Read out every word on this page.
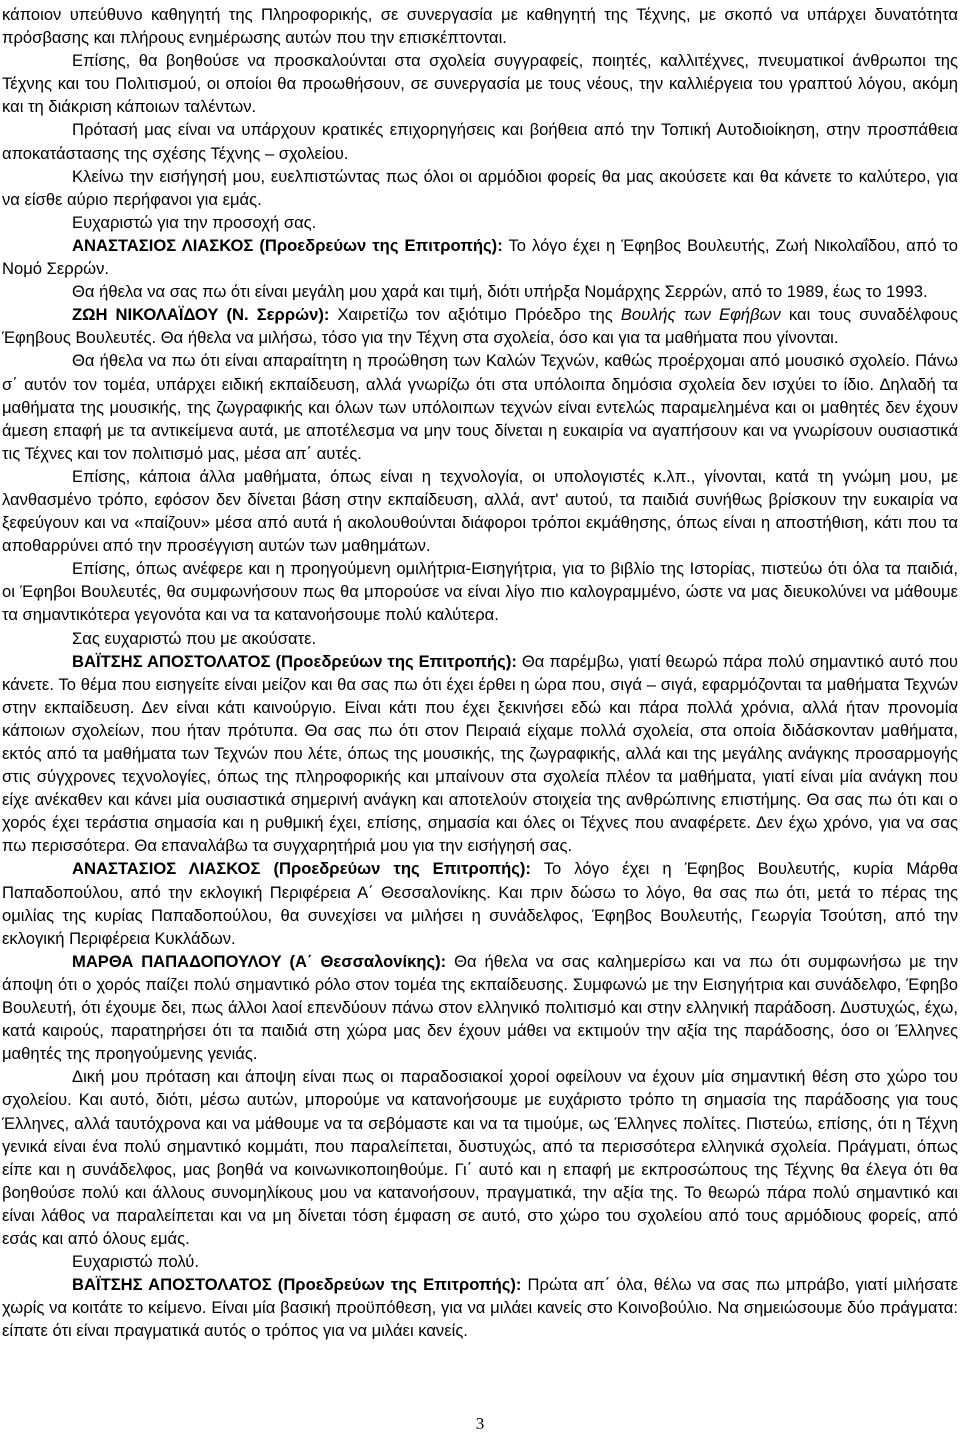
κάποιον υπεύθυνο καθηγητή της Πληροφορικής, σε συνεργασία με καθηγητή της Τέχνης, με σκοπό να υπάρχει δυνατότητα πρόσβασης και πλήρους ενημέρωσης αυτών που την επισκέπτονται.

Επίσης, θα βοηθούσε να προσκαλούνται στα σχολεία συγγραφείς, ποιητές, καλλιτέχνες, πνευματικοί άνθρωποι της Τέχνης και του Πολιτισμού, οι οποίοι θα προωθήσουν, σε συνεργασία με τους νέους, την καλλιέργεια του γραπτού λόγου, ακόμη και τη διάκριση κάποιων ταλέντων.

Πρότασή μας είναι να υπάρχουν κρατικές επιχορηγήσεις και βοήθεια από την Τοπική Αυτοδιοίκηση, στην προσπάθεια αποκατάστασης της σχέσης Τέχνης – σχολείου.

Κλείνω την εισήγησή μου, ευελπιστώντας πως όλοι οι αρμόδιοι φορείς θα μας ακούσετε και θα κάνετε το καλύτερο, για να είσθε αύριο περήφανοι για εμάς.

Ευχαριστώ για την προσοχή σας.

ΑΝΑΣΤΑΣΙΟΣ ΛΙΑΣΚΟΣ (Προεδρεύων της Επιτροπής): Το λόγο έχει η Έφηβος Βουλευτής, Ζωή Νικολαΐδου, από το Νομό Σερρών.

Θα ήθελα να σας πω ότι είναι μεγάλη μου χαρά και τιμή, διότι υπήρξα Νομάρχης Σερρών, από το 1989, έως το 1993.

ΖΩΗ ΝΙΚΟΛΑΪΔΟΥ (Ν. Σερρών): Χαιρετίζω τον αξιότιμο Πρόεδρο της Βουλής των Εφήβων και τους συναδέλφους Έφηβους Βουλευτές. Θα ήθελα να μιλήσω, τόσο για την Τέχνη στα σχολεία, όσο και για τα μαθήματα που γίνονται.

Θα ήθελα να πω ότι είναι απαραίτητη η προώθηση των Καλών Τεχνών, καθώς προέρχομαι από μουσικό σχολείο. Πάνω σ΄ αυτόν τον τομέα, υπάρχει ειδική εκπαίδευση, αλλά γνωρίζω ότι στα υπόλοιπα δημόσια σχολεία δεν ισχύει το ίδιο. Δηλαδή τα μαθήματα της μουσικής, της ζωγραφικής και όλων των υπόλοιπων τεχνών είναι εντελώς παραμελημένα και οι μαθητές δεν έχουν άμεση επαφή με τα αντικείμενα αυτά, με αποτέλεσμα να μην τους δίνεται η ευκαιρία να αγαπήσουν και να γνωρίσουν ουσιαστικά τις Τέχνες και τον πολιτισμό μας, μέσα απ΄ αυτές.

Επίσης, κάποια άλλα μαθήματα, όπως είναι η τεχνολογία, οι υπολογιστές κ.λπ., γίνονται, κατά τη γνώμη μου, με λανθασμένο τρόπο, εφόσον δεν δίνεται βάση στην εκπαίδευση, αλλά, αντ' αυτού, τα παιδιά συνήθως βρίσκουν την ευκαιρία να ξεφεύγουν και να «παίζουν» μέσα από αυτά ή ακολουθούνται διάφοροι τρόποι εκμάθησης, όπως είναι η αποστήθιση, κάτι που τα αποθαρρύνει από την προσέγγιση αυτών των μαθημάτων.

Επίσης, όπως ανέφερε και η προηγούμενη ομιλήτρια-Εισηγήτρια, για το βιβλίο της Ιστορίας, πιστεύω ότι όλα τα παιδιά, οι Έφηβοι Βουλευτές, θα συμφωνήσουν πως θα μπορούσε να είναι λίγο πιο καλογραμμένο, ώστε να μας διευκολύνει να μάθουμε τα σημαντικότερα γεγονότα και να τα κατανοήσουμε πολύ καλύτερα.

Σας ευχαριστώ που με ακούσατε.

ΒΑΪΤΣΗΣ ΑΠΟΣΤΟΛΑΤΟΣ (Προεδρεύων της Επιτροπής): Θα παρέμβω, γιατί θεωρώ πάρα πολύ σημαντικό αυτό που κάνετε. Το θέμα που εισηγείτε είναι μείζον και θα σας πω ότι έχει έρθει η ώρα που, σιγά – σιγά, εφαρμόζονται τα μαθήματα Τεχνών στην εκπαίδευση. Δεν είναι κάτι καινούργιο. Είναι κάτι που έχει ξεκινήσει εδώ και πάρα πολλά χρόνια, αλλά ήταν προνομία κάποιων σχολείων, που ήταν πρότυπα. Θα σας πω ότι στον Πειραιά είχαμε πολλά σχολεία, στα οποία διδάσκονταν μαθήματα, εκτός από τα μαθήματα των Τεχνών που λέτε, όπως της μουσικής, της ζωγραφικής, αλλά και της μεγάλης ανάγκης προσαρμογής στις σύγχρονες τεχνολογίες, όπως της πληροφορικής και μπαίνουν στα σχολεία πλέον τα μαθήματα, γιατί είναι μία ανάγκη που είχε ανέκαθεν και κάνει μία ουσιαστικά σημερινή ανάγκη και αποτελούν στοιχεία της ανθρώπινης επιστήμης. Θα σας πω ότι και ο χορός έχει τεράστια σημασία και η ρυθμική έχει, επίσης, σημασία και όλες οι Τέχνες που αναφέρετε. Δεν έχω χρόνο, για να σας πω περισσότερα. Θα επαναλάβω τα συγχαρητήριά μου για την εισήγησή σας.

ΑΝΑΣΤΑΣΙΟΣ ΛΙΑΣΚΟΣ (Προεδρεύων της Επιτροπής): Το λόγο έχει η Έφηβος Βουλευτής, κυρία Μάρθα Παπαδοπούλου, από την εκλογική Περιφέρεια Α΄ Θεσσαλονίκης. Και πριν δώσω το λόγο, θα σας πω ότι, μετά το πέρας της ομιλίας της κυρίας Παπαδοπούλου, θα συνεχίσει να μιλήσει η συνάδελφος, Έφηβος Βουλευτής, Γεωργία Τσούτση, από την εκλογική Περιφέρεια Κυκλάδων.

ΜΑΡΘΑ ΠΑΠΑΔΟΠΟΥΛΟΥ (Α΄ Θεσσαλονίκης): Θα ήθελα να σας καλημερίσω και να πω ότι συμφωνήσω με την άποψη ότι ο χορός παίζει πολύ σημαντικό ρόλο στον τομέα της εκπαίδευσης. Συμφωνώ με την Εισηγήτρια και συνάδελφο, Έφηβο Βουλευτή, ότι έχουμε δει, πως άλλοι λαοί επενδύουν πάνω στον ελληνικό πολιτισμό και στην ελληνική παράδοση. Δυστυχώς, έχω, κατά καιρούς, παρατηρήσει ότι τα παιδιά στη χώρα μας δεν έχουν μάθει να εκτιμούν την αξία της παράδοσης, όσο οι Έλληνες μαθητές της προηγούμενης γενιάς.

Δική μου πρόταση και άποψη είναι πως οι παραδοσιακοί χοροί οφείλουν να έχουν μία σημαντική θέση στο χώρο του σχολείου. Και αυτό, διότι, μέσω αυτών, μπορούμε να κατανοήσουμε με ευχάριστο τρόπο τη σημασία της παράδοσης για τους Έλληνες, αλλά ταυτόχρονα και να μάθουμε να τα σεβόμαστε και να τα τιμούμε, ως Έλληνες πολίτες. Πιστεύω, επίσης, ότι η Τέχνη γενικά είναι ένα πολύ σημαντικό κομμάτι, που παραλείπεται, δυστυχώς, από τα περισσότερα ελληνικά σχολεία. Πράγματι, όπως είπε και η συνάδελφος, μας βοηθά να κοινωνικοποιηθούμε. Γι΄ αυτό και η επαφή με εκπροσώπους της Τέχνης θα έλεγα ότι θα βοηθούσε πολύ και άλλους συνομηλίκους μου να κατανοήσουν, πραγματικά, την αξία της. Το θεωρώ πάρα πολύ σημαντικό και είναι λάθος να παραλείπεται και να μη δίνεται τόση έμφαση σε αυτό, στο χώρο του σχολείου από τους αρμόδιους φορείς, από εσάς και από όλους εμάς.

Ευχαριστώ πολύ.

ΒΑΪΤΣΗΣ ΑΠΟΣΤΟΛΑΤΟΣ (Προεδρεύων της Επιτροπής): Πρώτα απ΄ όλα, θέλω να σας πω μπράβο, γιατί μιλήσατε χωρίς να κοιτάτε το κείμενο. Είναι μία βασική προϋπόθεση, για να μιλάει κανείς στο Κοινοβούλιο. Να σημειώσουμε δύο πράγματα: είπατε ότι είναι πραγματικά αυτός ο τρόπος για να μιλάει κανείς.

3
